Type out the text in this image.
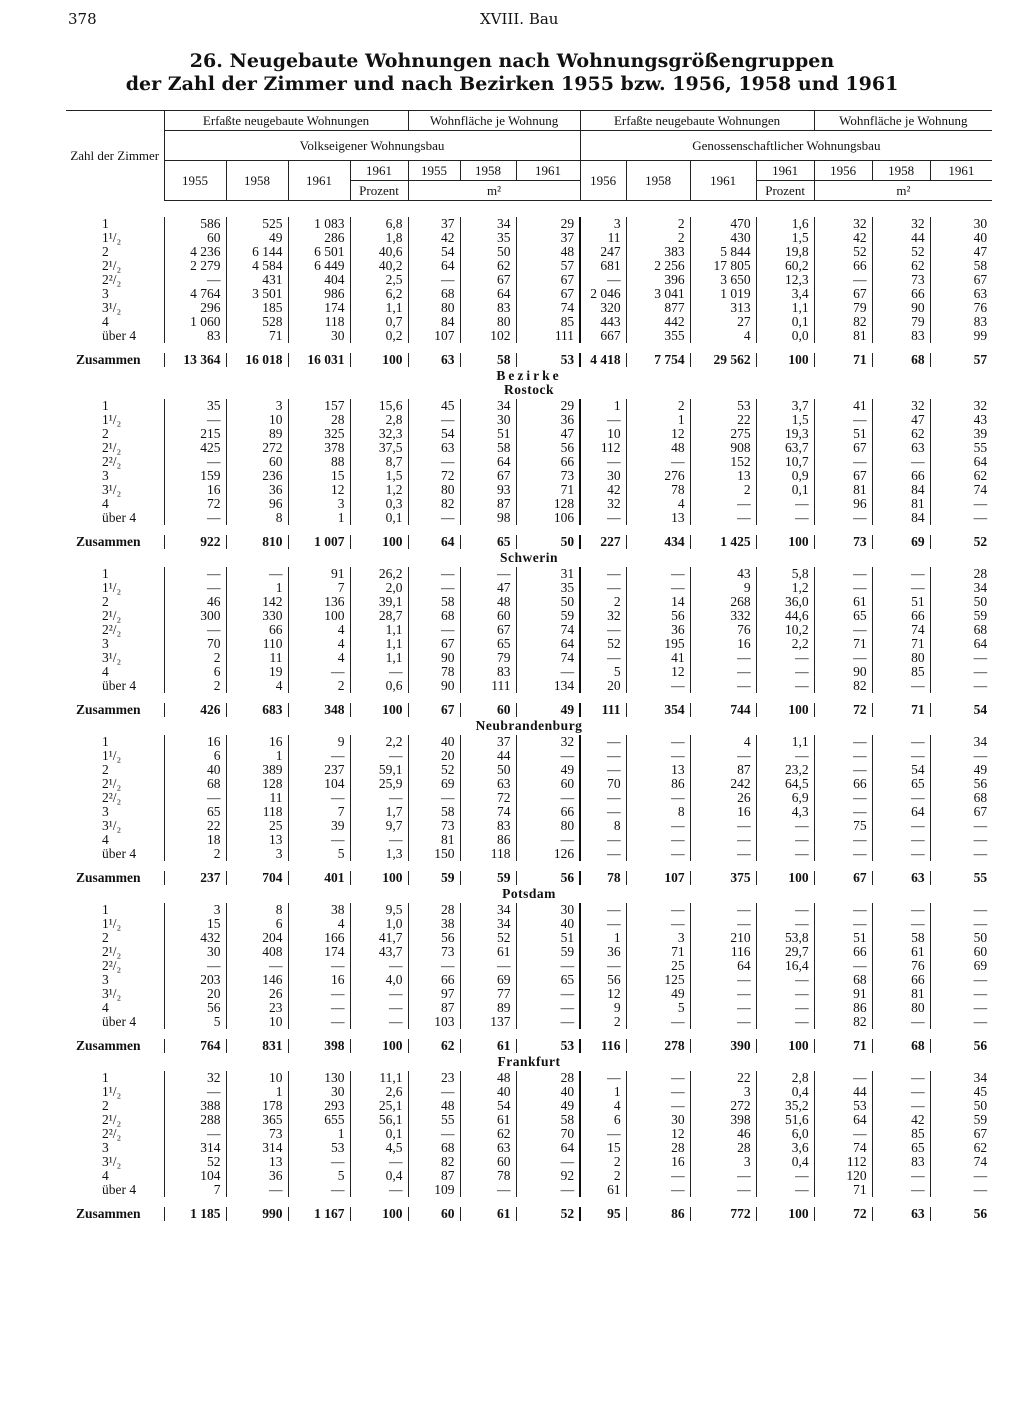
378	XVIII. Bau
26. Neugebaute Wohnungen nach Wohnungsgrößengruppen
der Zahl der Zimmer und nach Bezirken 1955 bzw. 1956, 1958 und 1961
Zahl der Zimmer	Erfaßte neugebaute Wohnungen				Wohnfläche je Wohnung			Erfaßte neugebaute Wohnungen				Wohnfläche je Wohnung		
	Volkseigener Wohnungsbau							Genossenschaftlicher Wohnungsbau						
	1955	1958	1961	1961	1955	1958	1961	1956	1958	1961	1961	1956	1958	1961
				Prozent	m²						Prozent	m²		

1	586	525	1 083	6,8	37	34	29	3	2	470	1,6	32	32	30
1¹/₂	60	49	286	1,8	42	35	37	11	2	430	1,5	42	44	40
2	4 236	6 144	6 501	40,6	54	50	48	247	383	5 844	19,8	52	52	47
2¹/₂	2 279	4 584	6 449	40,2	64	62	57	681	2 256	17 805	60,2	66	62	58
2²/₂	—	431	404	2,5	—	67	67	—	396	3 650	12,3	—	73	67
3	4 764	3 501	986	6,2	68	64	67	2 046	3 041	1 019	3,4	67	66	63
3¹/₂	296	185	174	1,1	80	83	74	320	877	313	1,1	79	90	76
4	1 060	528	118	0,7	84	80	85	443	442	27	0,1	82	79	83
über 4	83	71	30	0,2	107	102	111	667	355	4	0,0	81	83	99

Zusammen	13 364	16 018	16 031	100	63	58	53	4 418	7 754	29 562	100	71	68	57

Bezirke
Rostock														

1	35	3	157	15,6	45	34	29	1	2	53	3,7	41	32	32
1¹/₂	—	10	28	2,8	—	30	36	—	1	22	1,5	—	47	43
2	215	89	325	32,3	54	51	47	10	12	275	19,3	51	62	39
2¹/₂	425	272	378	37,5	63	58	56	112	48	908	63,7	67	63	55
2²/₂	—	60	88	8,7	—	64	66	—	—	152	10,7	—	—	64
3	159	236	15	1,5	72	67	73	30	276	13	0,9	67	66	62
3¹/₂	16	36	12	1,2	80	93	71	42	78	2	0,1	81	84	74
4	72	96	3	0,3	82	87	128	32	4	—	—	96	81	—
über 4	—	8	1	0,1	—	98	106	—	13	—	—	—	84	—

Zusammen	922	810	1 007	100	64	65	50	227	434	1 425	100	73	69	52

Schwerin														

1	—	—	91	26,2	—	—	31	—	—	43	5,8	—	—	28
1¹/₂	—	1	7	2,0	—	47	35	—	—	9	1,2	—	—	34
2	46	142	136	39,1	58	48	50	2	14	268	36,0	61	51	50
2¹/₂	300	330	100	28,7	68	60	59	32	56	332	44,6	65	66	59
2²/₂	—	66	4	1,1	—	67	74	—	36	76	10,2	—	74	68
3	70	110	4	1,1	67	65	64	52	195	16	2,2	71	71	64
3¹/₂	2	11	4	1,1	90	79	74	—	41	—	—	—	80	—
4	6	19	—	—	78	83	—	5	12	—	—	90	85	—
über 4	2	4	2	0,6	90	111	134	20	—	—	—	82	—	—

Zusammen	426	683	348	100	67	60	49	111	354	744	100	72	71	54

Neubrandenburg														

1	16	16	9	2,2	40	37	32	—	—	4	1,1	—	—	34
1¹/₂	6	1	—	—	20	44	—	—	—	—	—	—	—	—
2	40	389	237	59,1	52	50	49	—	13	87	23,2	—	54	49
2¹/₂	68	128	104	25,9	69	63	60	70	86	242	64,5	66	65	56
2²/₂	—	11	—	—	—	72	—	—	—	26	6,9	—	—	68
3	65	118	7	1,7	58	74	66	—	8	16	4,3	—	64	67
3¹/₂	22	25	39	9,7	73	83	80	8	—	—	—	75	—	—
4	18	13	—	—	81	86	—	—	—	—	—	—	—	—
über 4	2	3	5	1,3	150	118	126	—	—	—	—	—	—	—

Zusammen	237	704	401	100	59	59	56	78	107	375	100	67	63	55

Potsdam														

1	3	8	38	9,5	28	34	30	—	—	—	—	—	—	—
1¹/₂	15	6	4	1,0	38	34	40	—	—	—	—	—	—	—
2	432	204	166	41,7	56	52	51	1	3	210	53,8	51	58	50
2¹/₂	30	408	174	43,7	73	61	59	36	71	116	29,7	66	61	60
2²/₂	—	—	—	—	—	—	—	—	25	64	16,4	—	76	69
3	203	146	16	4,0	66	69	65	56	125	—	—	68	66	—
3¹/₂	20	26	—	—	97	77	—	12	49	—	—	91	81	—
4	56	23	—	—	87	89	—	9	5	—	—	86	80	—
über 4	5	10	—	—	103	137	—	2	—	—	—	82	—	—

Zusammen	764	831	398	100	62	61	53	116	278	390	100	71	68	56

Frankfurt														

1	32	10	130	11,1	23	48	28	—	—	22	2,8	—	—	34
1¹/₂	—	1	30	2,6	—	40	40	1	—	3	0,4	44	—	45
2	388	178	293	25,1	48	54	49	4	—	272	35,2	53	—	50
2¹/₂	288	365	655	56,1	55	61	58	6	30	398	51,6	64	42	59
2²/₂	—	73	1	0,1	—	62	70	—	12	46	6,0	—	85	67
3	314	314	53	4,5	68	63	64	15	28	28	3,6	74	65	62
3¹/₂	52	13	—	—	82	60	—	2	16	3	0,4	112	83	74
4	104	36	5	0,4	87	78	92	2	—	—	—	120	—	—
über 4	7	—	—	—	109	—	—	61	—	—	—	71	—	—

Zusammen	1 185	990	1 167	100	60	61	52	95	86	772	100	72	63	56
